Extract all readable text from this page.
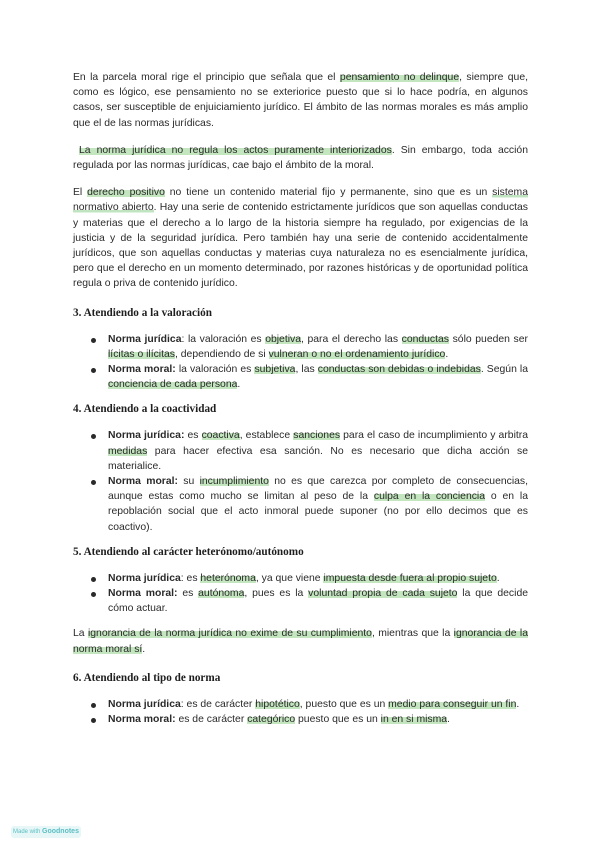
En la parcela moral rige el principio que señala que el pensamiento no delinque, siempre que, como es lógico, ese pensamiento no se exteriorice puesto que si lo hace podría, en algunos casos, ser susceptible de enjuiciamiento jurídico. El ámbito de las normas morales es más amplio que el de las normas jurídicas.

La norma jurídica no regula los actos puramente interiorizados. Sin embargo, toda acción regulada por las normas jurídicas, cae bajo el ámbito de la moral.

El derecho positivo no tiene un contenido material fijo y permanente, sino que es un sistema normativo abierto. Hay una serie de contenido estrictamente jurídicos que son aquellas conductas y materias que el derecho a lo largo de la historia siempre ha regulado, por exigencias de la justicia y de la seguridad jurídica. Pero también hay una serie de contenido accidentalmente jurídicos, que son aquellas conductas y materias cuya naturaleza no es esencialmente jurídica, pero que el derecho en un momento determinado, por razones históricas y de oportunidad política regula o priva de contenido jurídico.

3. Atendiendo a la valoración
Norma jurídica: la valoración es objetiva, para el derecho las conductas sólo pueden ser lícitas o ilícitas, dependiendo de si vulneran o no el ordenamiento jurídico.
Norma moral: la valoración es subjetiva, las conductas son debidas o indebidas. Según la conciencia de cada persona.
4. Atendiendo a la coactividad
Norma jurídica: es coactiva, establece sanciones para el caso de incumplimiento y arbitra medidas para hacer efectiva esa sanción. No es necesario que dicha acción se materialice.
Norma moral: su incumplimiento no es que carezca por completo de consecuencias, aunque estas como mucho se limitan al peso de la culpa en la conciencia o en la repoblación social que el acto inmoral puede suponer (no por ello decimos que es coactivo).
5. Atendiendo al carácter heterónomo/autónomo
Norma jurídica: es heterónoma, ya que viene impuesta desde fuera al propio sujeto.
Norma moral: es autónoma, pues es la voluntad propia de cada sujeto la que decide cómo actuar.

La ignorancia de la norma jurídica no exime de su cumplimiento, mientras que la ignorancia de la norma moral sí.

6. Atendiendo al tipo de norma
Norma jurídica: es de carácter hipotético, puesto que es un medio para conseguir un fin.
Norma moral: es de carácter categórico puesto que es un in en si misma.
Made with Goodnotes
